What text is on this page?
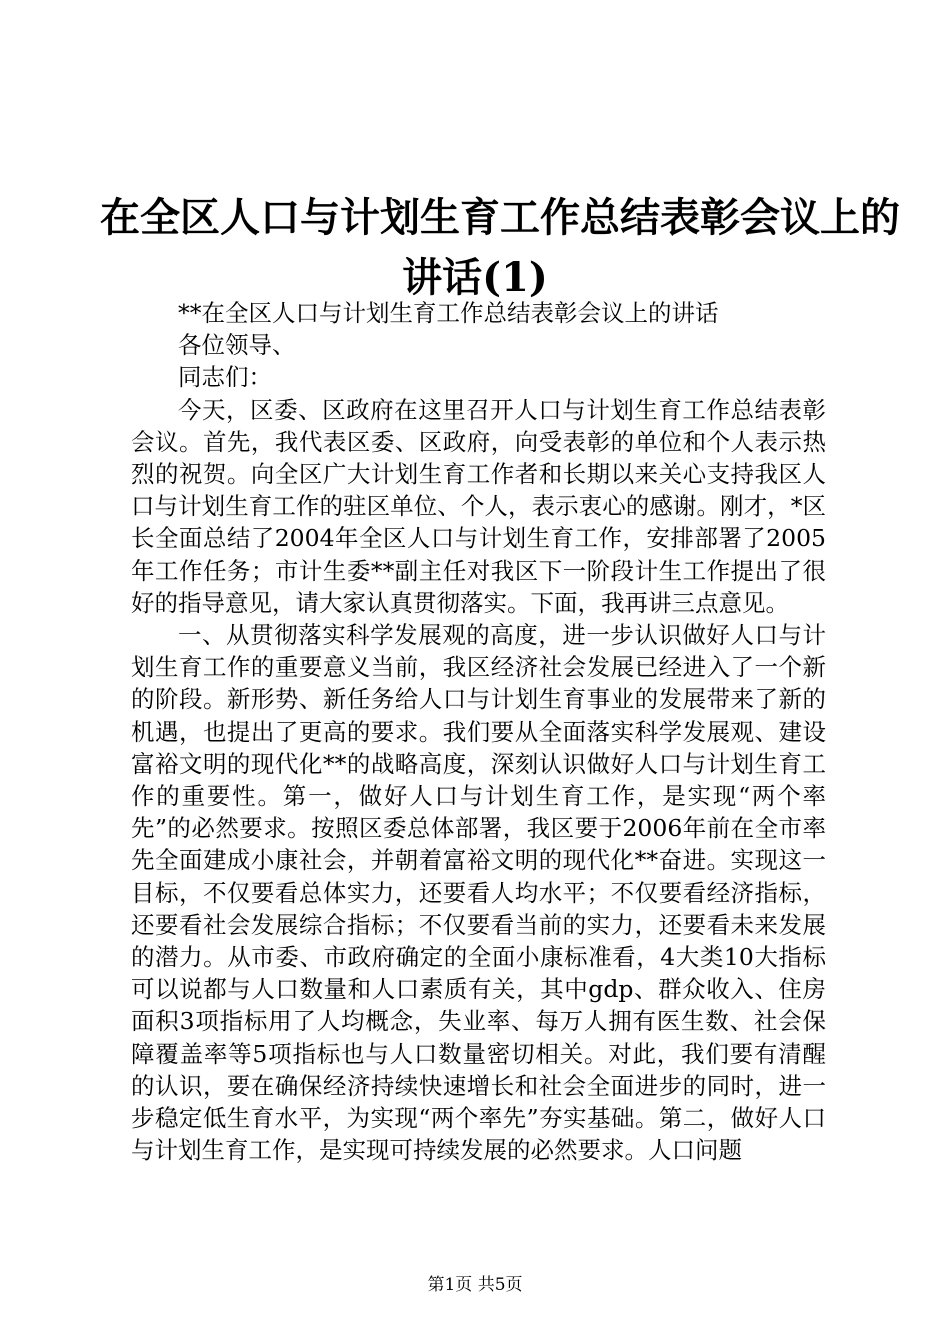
在全区人口与计划生育工作总结表彰会议上的
讲话(1)

**在全区人口与计划生育工作总结表彰会议上的讲话

各位领导、

同志们：

今天，区委、区政府在这里召开人口与计划生育工作总结表彰会议。首先，我代表区委、区政府，向受表彰的单位和个人表示热烈的祝贺。向全区广大计划生育工作者和长期以来关心支持我区人口与计划生育工作的驻区单位、个人，表示衷心的感谢。刚才，*区长全面总结了2004年全区人口与计划生育工作，安排部署了2005年工作任务；市计生委**副主任对我区下一阶段计生工作提出了很好的指导意见，请大家认真贯彻落实。下面，我再讲三点意见。

一、从贯彻落实科学发展观的高度，进一步认识做好人口与计划生育工作的重要意义当前，我区经济社会发展已经进入了一个新的阶段。新形势、新任务给人口与计划生育事业的发展带来了新的机遇，也提出了更高的要求。我们要从全面落实科学发展观、建设富裕文明的现代化**的战略高度，深刻认识做好人口与计划生育工作的重要性。第一，做好人口与计划生育工作，是实现“两个率先”的必然要求。按照区委总体部署，我区要于2006年前在全市率先全面建成小康社会，并朝着富裕文明的现代化**奋进。实现这一目标，不仅要看总体实力，还要看人均水平；不仅要看经济指标，还要看社会发展综合指标；不仅要看当前的实力，还要看未来发展的潜力。从市委、市政府确定的全面小康标准看，4大类10大指标可以说都与人口数量和人口素质有关，其中gdp、群众收入、住房面积3项指标用了人均概念，失业率、每万人拥有医生数、社会保障覆盖率等5项指标也与人口数量密切相关。对此，我们要有清醒的认识，要在确保经济持续快速增长和社会全面进步的同时，进一步稳定低生育水平，为实现“两个率先”夯实基础。第二，做好人口与计划生育工作，是实现可持续发展的必然要求。人口问题

第1页 共5页
